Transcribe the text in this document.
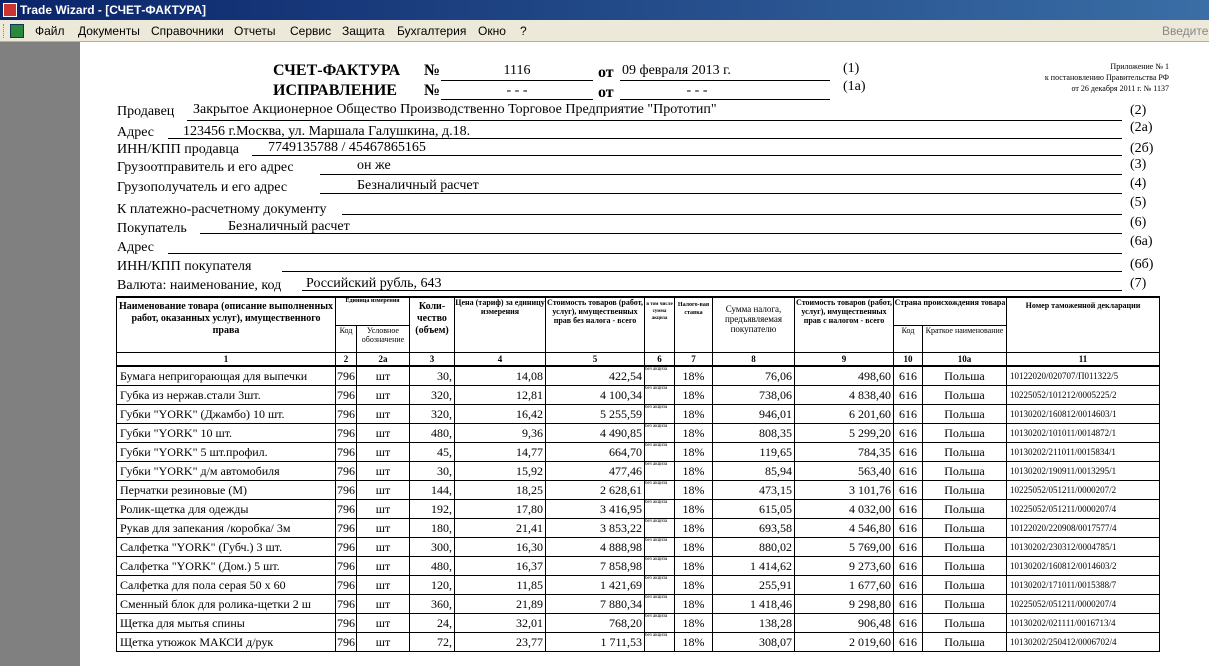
Trade Wizard - [СЧЕТ-ФАКТУРА]
Файл Документы Справочники Отчеты Сервис Защита Бухгалтерия Окно ?	Введите
СЧЕТ-ФАКТУРА №	1116	от 09 февраля 2013 г.	(1)
ИСПРАВЛЕНИЕ №	- - -	от	- - -	(1а)
Приложение № 1
к постановлению Правительства РФ
от 26 декабря 2011 г. № 1137
Продавец Закрытое Акционерное Общество Производственно Торговое Предприятие "Прототип"	(2)
Адрес 123456 г.Москва, ул. Маршала Галушкина, д.18.	(2а)
ИНН/КПП продавца 7749135788 / 45467865165	(2б)
Грузоотправитель и его адрес	он же	(3)
Грузополучатель и его адрес	Безналичный расчет	(4)
К платежно-расчетному документу	(5)
Покупатель	Безналичный расчет	(6)
Адрес	(6а)
ИНН/КПП покупателя	(6б)
Валюта: наименование, код Российский рубль, 643	(7)
Наименование товара (описание выполненных работ, оказанных услуг), имущественного права	Единица измерения		Коли-чество (объем)	Цена (тариф) за единицу измерения	Стоимость товаров (работ, услуг), имущественных прав без налога - всего	в том числе сумма акциза	Налого-вая ставка	Сумма налога, предъявляемая покупателю	Стоимость товаров (работ, услуг), имущественных прав с налогом - всего	Страна происхождения товара		Номер таможенной декларации
	Код	Условное обозначение								Код	Краткое наименование	
1	2	2а	3	4	5	6	7	8	9	10	10а	11
Бумага непригорающая для выпечки	796	шт	30,	14,08	422,54	без акциза	18%	76,06	498,60	616	Польша	10122020/020707/П011322/5
Губка из нержав.стали 3шт.	796	шт	320,	12,81	4 100,34	без акциза	18%	738,06	4 838,40	616	Польша	10225052/101212/0005225/2
Губки "YORK" (Джамбо) 10 шт.	796	шт	320,	16,42	5 255,59	без акциза	18%	946,01	6 201,60	616	Польша	10130202/160812/0014603/1
Губки "YORK" 10 шт.	796	шт	480,	9,36	4 490,85	без акциза	18%	808,35	5 299,20	616	Польша	10130202/101011/0014872/1
Губки "YORK" 5 шт.профил.	796	шт	45,	14,77	664,70	без акциза	18%	119,65	784,35	616	Польша	10130202/211011/0015834/1
Губки "YORK" д/м автомобиля	796	шт	30,	15,92	477,46	без акциза	18%	85,94	563,40	616	Польша	10130202/190911/0013295/1
Перчатки резиновые (М)	796	шт	144,	18,25	2 628,61	без акциза	18%	473,15	3 101,76	616	Польша	10225052/051211/0000207/2
Ролик-щетка для одежды	796	шт	192,	17,80	3 416,95	без акциза	18%	615,05	4 032,00	616	Польша	10225052/051211/0000207/4
Рукав для запекания /коробка/ 3м	796	шт	180,	21,41	3 853,22	без акциза	18%	693,58	4 546,80	616	Польша	10122020/220908/0017577/4
Салфетка "YORK" (Губч.) 3 шт.	796	шт	300,	16,30	4 888,98	без акциза	18%	880,02	5 769,00	616	Польша	10130202/230312/0004785/1
Салфетка "YORK" (Дом.) 5 шт.	796	шт	480,	16,37	7 858,98	без акциза	18%	1 414,62	9 273,60	616	Польша	10130202/160812/0014603/2
Салфетка для пола серая 50 х 60	796	шт	120,	11,85	1 421,69	без акциза	18%	255,91	1 677,60	616	Польша	10130202/171011/0015388/7
Сменный блок для ролика-щетки 2 ш	796	шт	360,	21,89	7 880,34	без акциза	18%	1 418,46	9 298,80	616	Польша	10225052/051211/0000207/4
Щетка для мытья спины	796	шт	24,	32,01	768,20	без акциза	18%	138,28	906,48	616	Польша	10130202/021111/0016713/4
Щетка утюжок МАКСИ д/рук	796	шт	72,	23,77	1 711,53	без акциза	18%	308,07	2 019,60	616	Польша	10130202/250412/0006702/4
